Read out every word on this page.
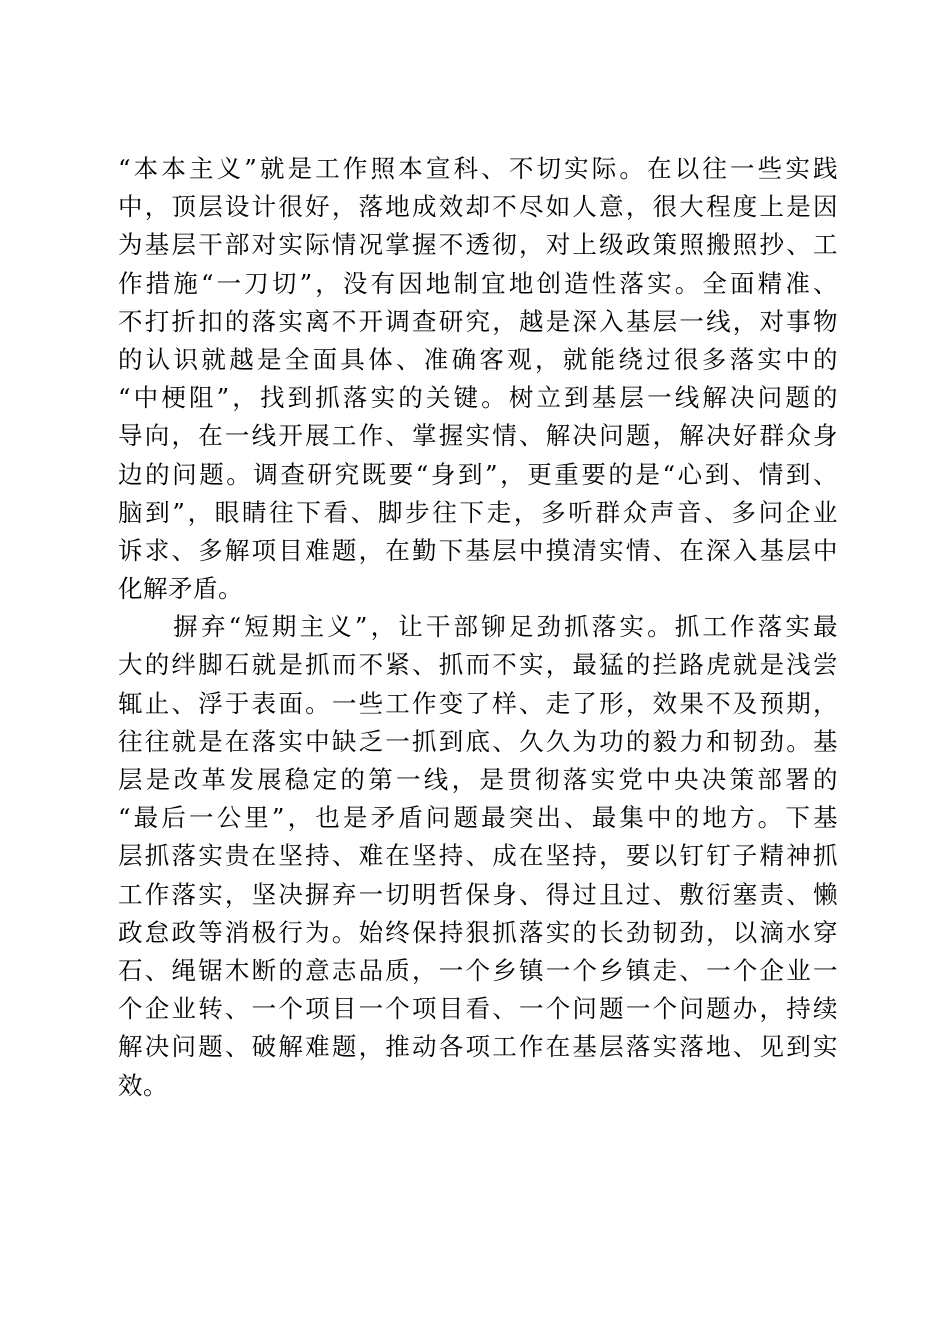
“本本主义”就是工作照本宣科、不切实际。在以往一些实践
中，顶层设计很好，落地成效却不尽如人意，很大程度上是因
为基层干部对实际情况掌握不透彻，对上级政策照搬照抄、工
作措施“一刀切”，没有因地制宜地创造性落实。全面精准、
不打折扣的落实离不开调查研究，越是深入基层一线，对事物
的认识就越是全面具体、准确客观，就能绕过很多落实中的
“中梗阻”，找到抓落实的关键。树立到基层一线解决问题的
导向，在一线开展工作、掌握实情、解决问题，解决好群众身
边的问题。调查研究既要“身到”，更重要的是“心到、情到、
脑到”，眼睛往下看、脚步往下走，多听群众声音、多问企业
诉求、多解项目难题，在勤下基层中摸清实情、在深入基层中
化解矛盾。
　　摒弃“短期主义”，让干部铆足劲抓落实。抓工作落实最
大的绊脚石就是抓而不紧、抓而不实，最猛的拦路虎就是浅尝
辄止、浮于表面。一些工作变了样、走了形，效果不及预期，
往往就是在落实中缺乏一抓到底、久久为功的毅力和韧劲。基
层是改革发展稳定的第一线，是贯彻落实党中央决策部署的
“最后一公里”，也是矛盾问题最突出、最集中的地方。下基
层抓落实贵在坚持、难在坚持、成在坚持，要以钉钉子精神抓
工作落实，坚决摒弃一切明哲保身、得过且过、敷衍塞责、懒
政怠政等消极行为。始终保持狠抓落实的长劲韧劲，以滴水穿
石、绳锯木断的意志品质，一个乡镇一个乡镇走、一个企业一
个企业转、一个项目一个项目看、一个问题一个问题办，持续
解决问题、破解难题，推动各项工作在基层落实落地、见到实
效。
